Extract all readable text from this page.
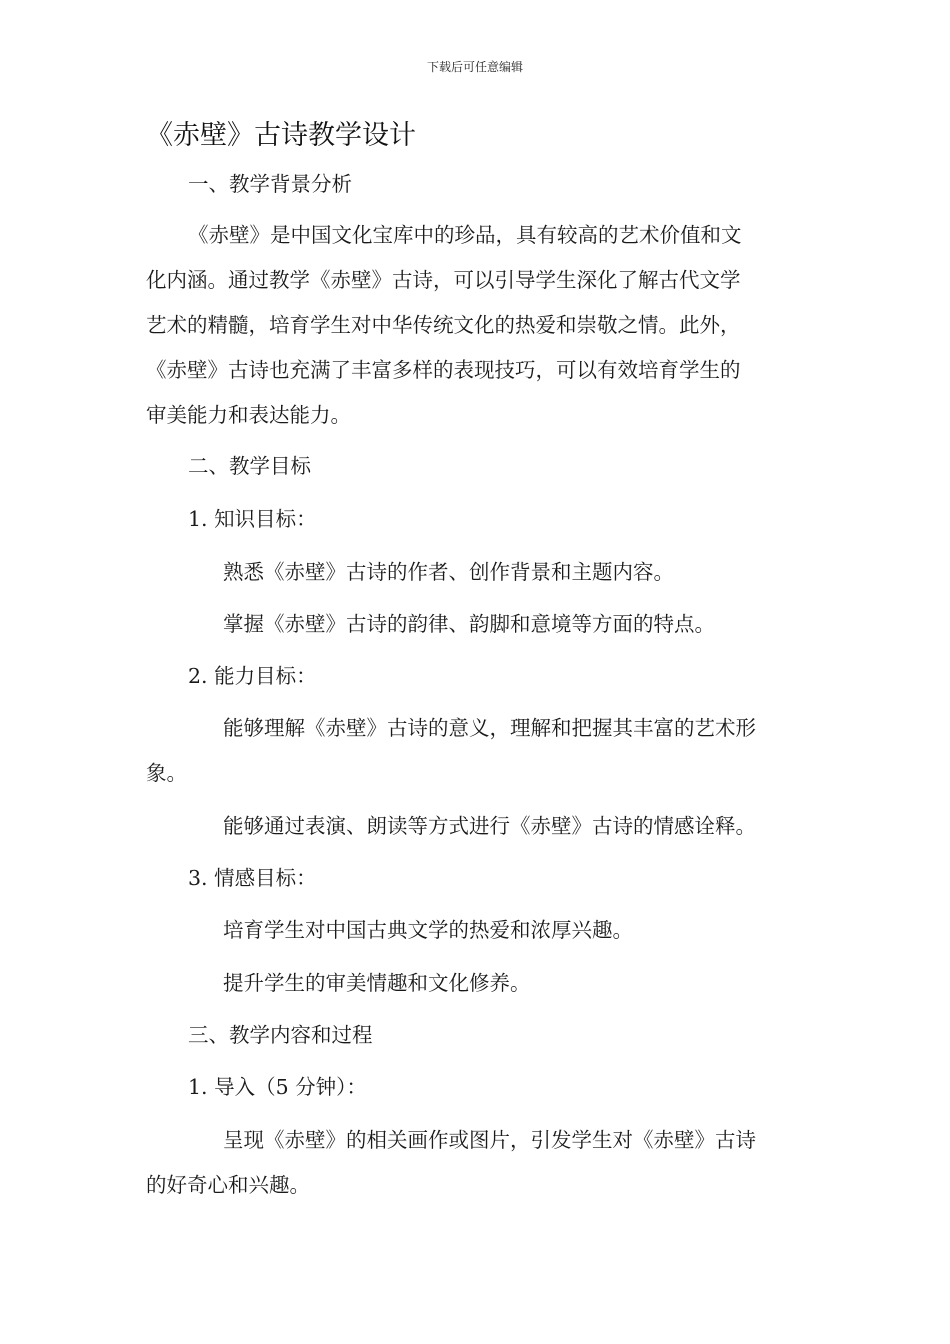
下载后可任意编辑
《赤壁》古诗教学设计
一、教学背景分析
《赤壁》是中国文化宝库中的珍品，具有较高的艺术价值和文
化内涵。通过教学《赤壁》古诗，可以引导学生深化了解古代文学
艺术的精髓，培育学生对中华传统文化的热爱和崇敬之情。此外，
《赤壁》古诗也充满了丰富多样的表现技巧，可以有效培育学生的
审美能力和表达能力。
二、教学目标
1. 知识目标：
熟悉《赤壁》古诗的作者、创作背景和主题内容。
掌握《赤壁》古诗的韵律、韵脚和意境等方面的特点。
2. 能力目标：
能够理解《赤壁》古诗的意义，理解和把握其丰富的艺术形
象。
能够通过表演、朗读等方式进行《赤壁》古诗的情感诠释。
3. 情感目标：
培育学生对中国古典文学的热爱和浓厚兴趣。
提升学生的审美情趣和文化修养。
三、教学内容和过程
1. 导入（5 分钟）：
呈现《赤壁》的相关画作或图片，引发学生对《赤壁》古诗
的好奇心和兴趣。
